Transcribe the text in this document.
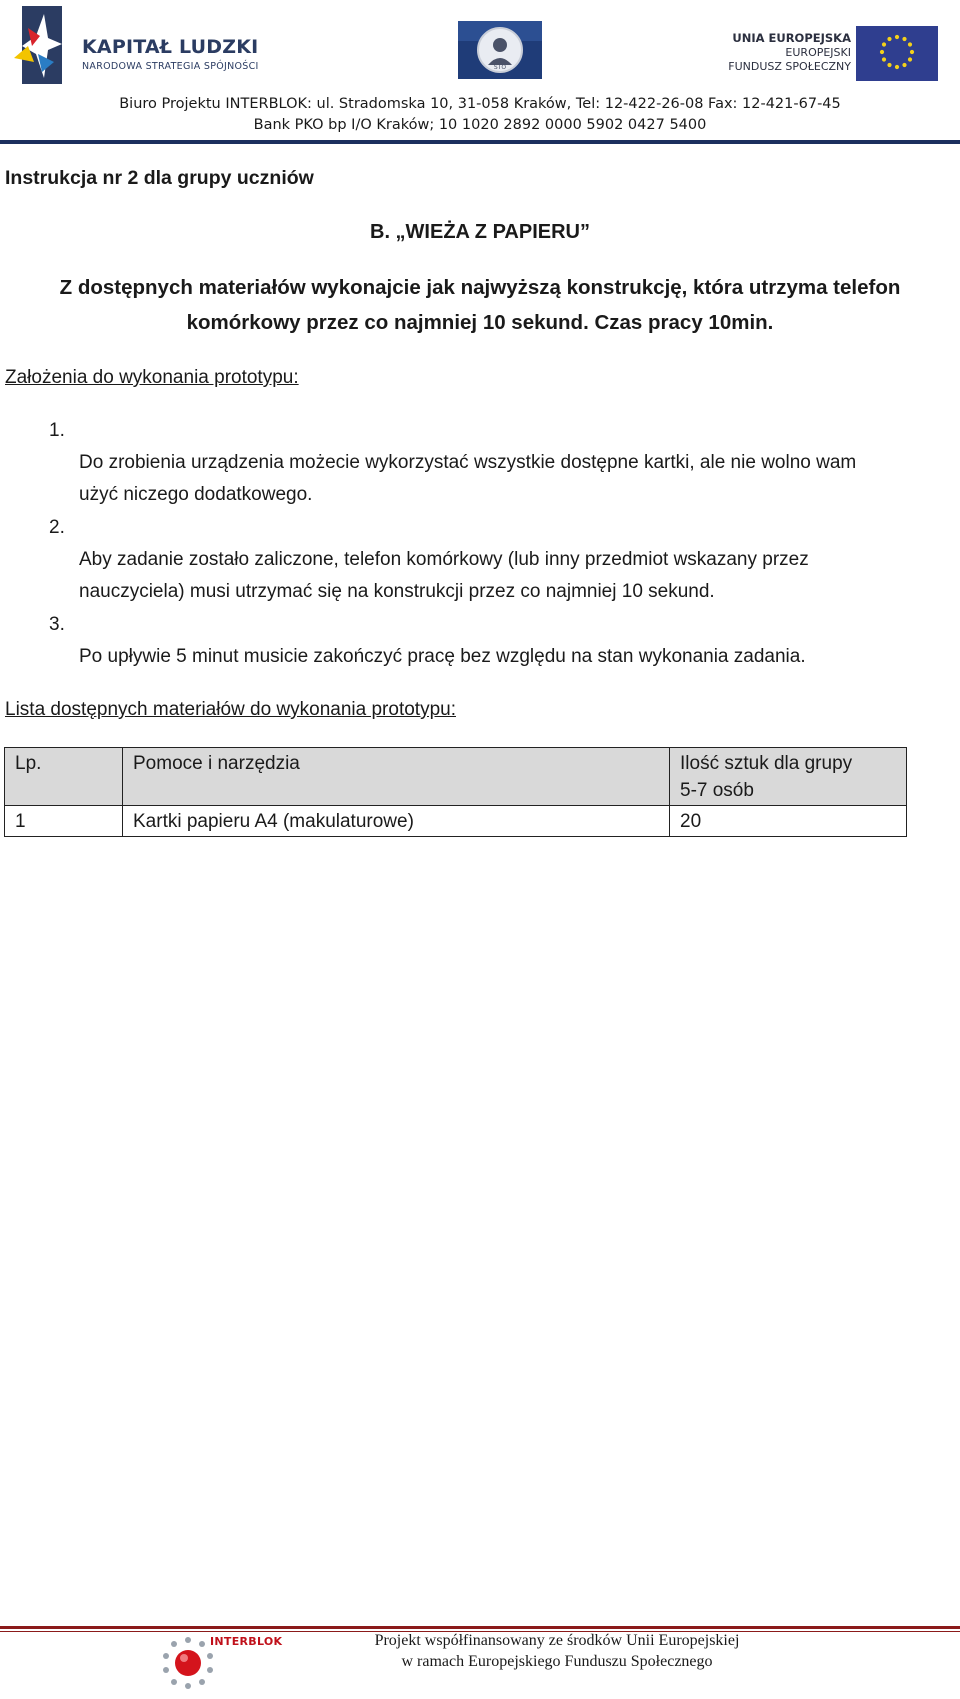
KAPITAŁ LUDZKI
NARODOWA STRATEGIA SPÓJNOŚCI	STO
UNIA EUROPEJSKA
EUROPEJSKI
FUNDUSZ SPOŁECZNY
Biuro Projektu INTERBLOK: ul. Stradomska 10, 31-058 Kraków, Tel: 12-422-26-08 Fax: 12-421-67-45
Bank PKO bp I/O Kraków; 10 1020 2892 0000 5902 0427 5400
Instrukcja nr 2 dla grupy uczniów
B. „WIEŻA Z PAPIERU”
Z dostępnych materiałów wykonajcie jak najwyższą konstrukcję, która utrzyma telefon
komórkowy przez co najmniej 10 sekund. Czas pracy 10min.
Założenia do wykonania prototypu:
1.
Do zrobienia urządzenia możecie wykorzystać wszystkie dostępne kartki, ale nie wolno wam
użyć niczego dodatkowego.
2.
Aby zadanie zostało zaliczone, telefon komórkowy (lub inny przedmiot wskazany przez
nauczyciela) musi utrzymać się na konstrukcji przez co najmniej 10 sekund.
3.
Po upływie 5 minut musicie zakończyć pracę bez względu na stan wykonania zadania.
Lista dostępnych materiałów do wykonania prototypu:
Lp.	Pomoce i narzędzia	Ilość sztuk dla grupy
5-7 osób
1	Kartki papieru A4 (makulaturowe)	20
INTERBLOK	Projekt współfinansowany ze środków Unii Europejskiej
w ramach Europejskiego Funduszu Społecznego
